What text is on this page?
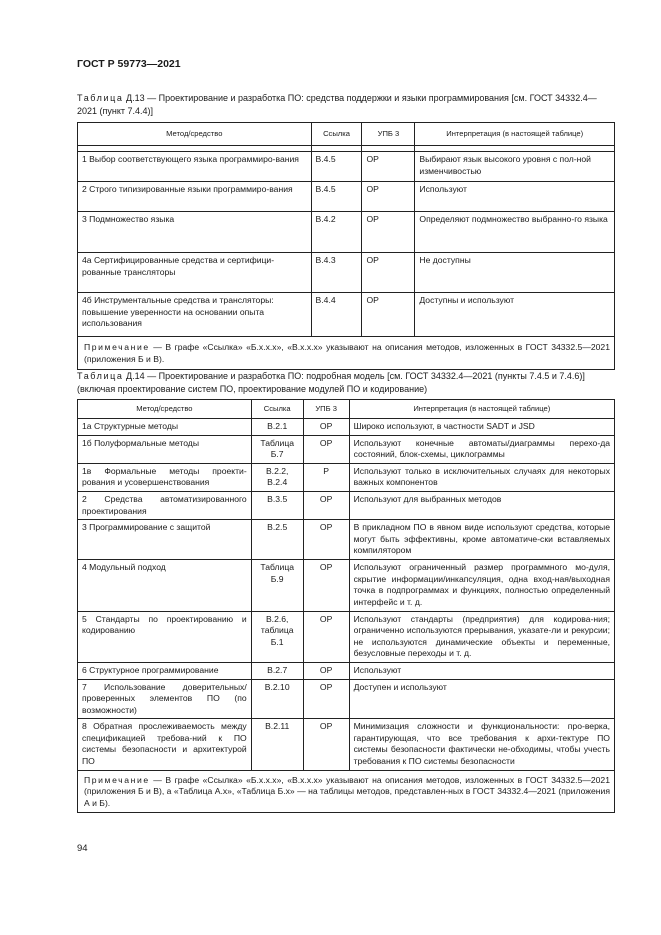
ГОСТ Р 59773—2021
Таблица Д.13 — Проектирование и разработка ПО: средства поддержки и языки программирования [см. ГОСТ 34332.4—2021 (пункт 7.4.4)]
Метод/средство	Ссылка	УПБ 3	Интерпретация (в настоящей таблице)

1 Выбор соответствующего языка программиро-вания	В.4.5	ОР	Выбирают язык высокого уровня с пол-ной изменчивостью
2 Строго типизированные языки программиро-вания	В.4.5	ОР	Используют
3 Подмножество языка	В.4.2	ОР	Определяют подмножество выбранно-го языка
4а Сертифицированные средства и сертифици-рованные трансляторы	В.4.3	ОР	Не доступны
4б Инструментальные средства и трансляторы: повышение уверенности на основании опыта использования	В.4.4	ОР	Доступны и используют
Примечание — В графе «Ссылка» «Б.х.х.х», «В.х.х.х» указывают на описания методов, изложенных в ГОСТ 34332.5—2021 (приложения Б и В).			
Таблица Д.14 — Проектирование и разработка ПО: подробная модель [см. ГОСТ 34332.4—2021 (пункты 7.4.5 и 7.4.6)] (включая проектирование систем ПО, проектирование модулей ПО и кодирование)
Метод/средство	Ссылка	УПБ 3	Интерпретация (в настоящей таблице)
1а Структурные методы	В.2.1	ОР	Широко используют, в частности SADT и JSD
1б Полуформальные методы	Таблица Б.7	ОР	Используют конечные автоматы/диаграммы перехо-да состояний, блок-схемы, циклограммы
1в Формальные методы проекти-рования и усовершенствования	В.2.2, В.2.4	Р	Используют только в исключительных случаях для некоторых важных компонентов
2 Средства автоматизированного проектирования	В.3.5	ОР	Используют для выбранных методов
3 Программирование с защитой	В.2.5	ОР	В прикладном ПО в явном виде используют средства, которые могут быть эффективны, кроме автоматиче-ски вставляемых компилятором
4 Модульный подход	Таблица Б.9	ОР	Используют ограниченный размер программного мо-дуля, скрытие информации/инкапсуляция, одна вход-ная/выходная точка в подпрограммах и функциях, полностью определенный интерфейс и т. д.
5 Стандарты по проектированию и кодированию	В.2.6, таблица Б.1	ОР	Используют стандарты (предприятия) для кодирова-ния; ограниченно используются прерывания, указате-ли и рекурсии; не используются динамические объекты и переменные, безусловные переходы и т. д.
6 Структурное программирование	В.2.7	ОР	Используют
7 Использование доверительных/ проверенных элементов ПО (по возможности)	В.2.10	ОР	Доступен и используют
8 Обратная прослеживаемость между спецификацией требова-ний к ПО системы безопасности и архитектурой ПО	В.2.11	ОР	Минимизация сложности и функциональности: про-верка, гарантирующая, что все требования к архи-тектуре ПО системы безопасности фактически не-обходимы, чтобы учесть требования к ПО системы безопасности
Примечание — В графе «Ссылка» «Б.х.х.х», «В.х.х.х» указывают на описания методов, изложенных в ГОСТ 34332.5—2021 (приложения Б и В), а «Таблица А.х», «Таблица Б.х» — на таблицы методов, представлен-ных в ГОСТ 34332.4—2021 (приложения А и Б).			
94
